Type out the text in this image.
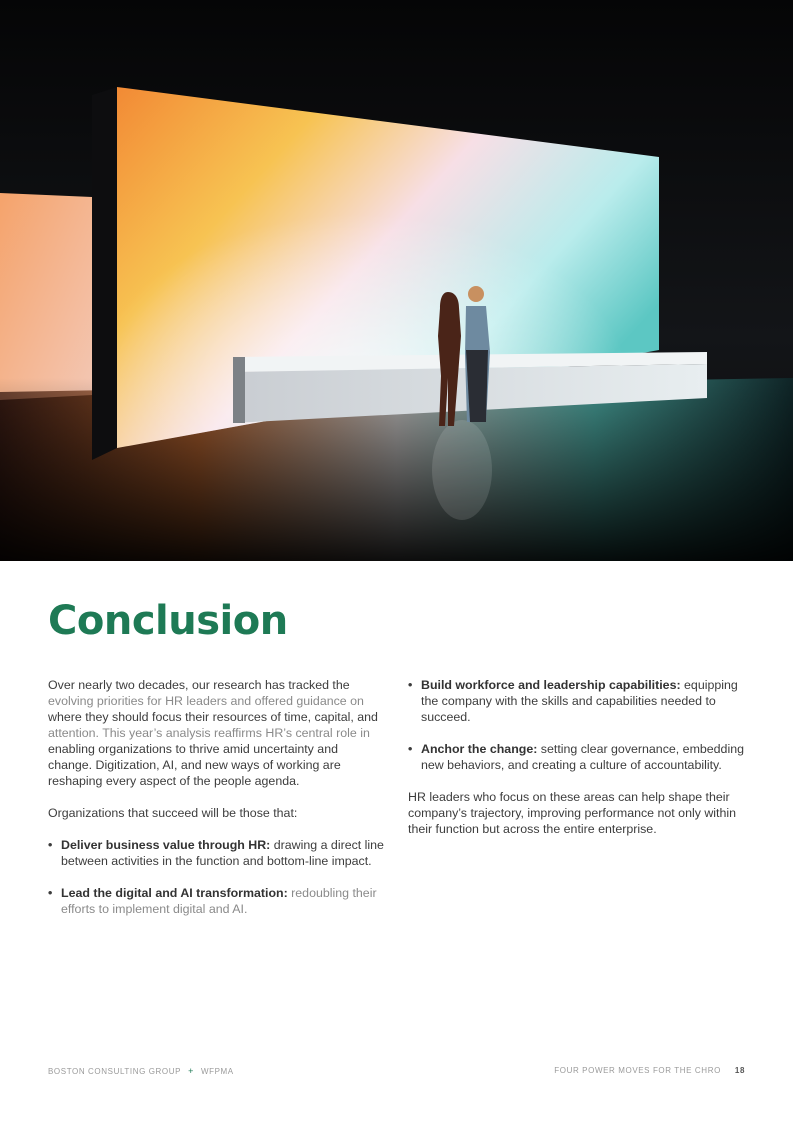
Conclusion

Over nearly two decades, our research has tracked the
evolving priorities for HR leaders and offered guidance on
where they should focus their resources of time, capital, and
attention. This year’s analysis reaffirms HR’s central role in
enabling organizations to thrive amid uncertainty and
change. Digitization, AI, and new ways of working are
reshaping every aspect of the people agenda.

Organizations that succeed will be those that:

• Deliver business value through HR: drawing a direct line between activities in the function and bottom-line impact.
• Lead the digital and AI transformation: redoubling their efforts to implement digital and AI.
• Build workforce and leadership capabilities: equipping the company with the skills and capabilities needed to succeed.
• Anchor the change: setting clear governance, embedding new behaviors, and creating a culture of accountability.

HR leaders who focus on these areas can help shape their company’s trajectory, improving performance not only within their function but across the entire enterprise.

BOSTON CONSULTING GROUP + WFPMA	FOUR POWER MOVES FOR THE CHRO 18
